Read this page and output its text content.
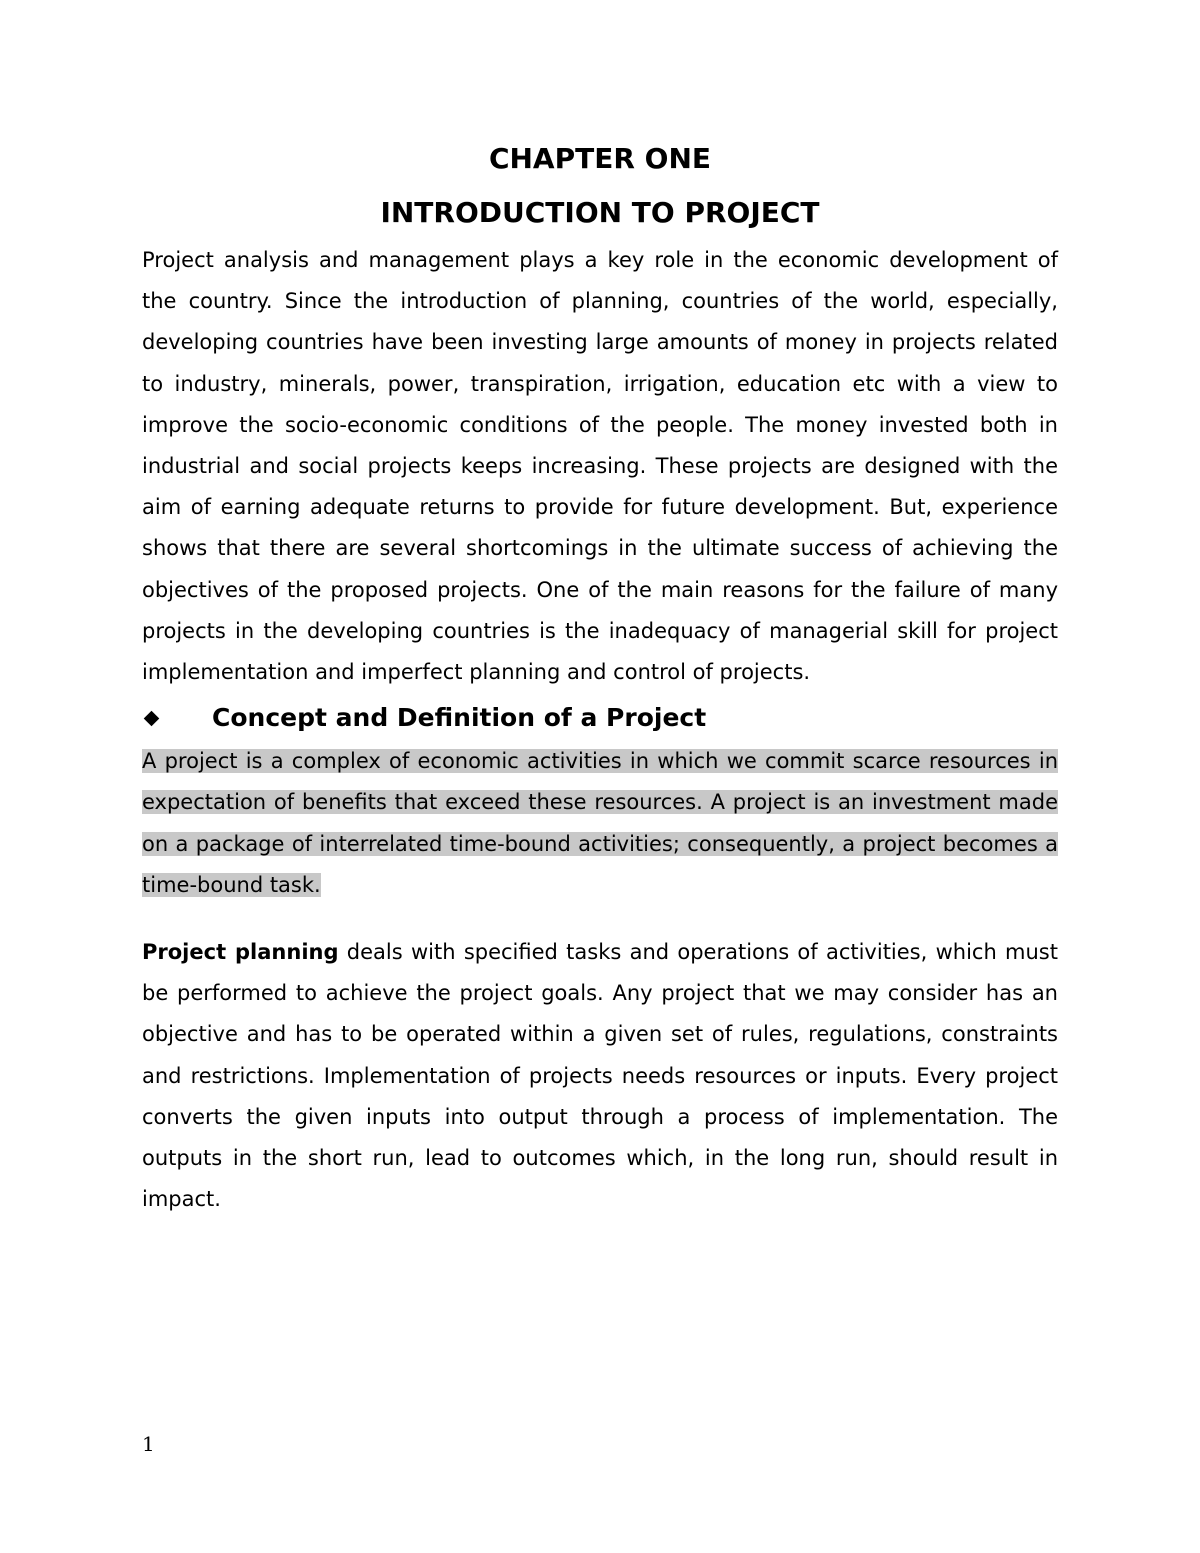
CHAPTER ONE
INTRODUCTION TO PROJECT

Project analysis and management plays a key role in the economic development of the country. Since the introduction of planning, countries of the world, especially, developing countries have been investing large amounts of money in projects related to industry, minerals, power, transpiration, irrigation, education etc with a view to improve the socio-economic conditions of the people. The money invested both in industrial and social projects keeps increasing. These projects are designed with the aim of earning adequate returns to provide for future development. But, experience shows that there are several shortcomings in the ultimate success of achieving the objectives of the proposed projects. One of the main reasons for the failure of many projects in the developing countries is the inadequacy of managerial skill for project implementation and imperfect planning and control of projects.

Concept and Definition of a Project

A project is a complex of economic activities in which we commit scarce resources in expectation of benefits that exceed these resources. A project is an investment made on a package of interrelated time-bound activities; consequently, a project becomes a time-bound task.

Project planning deals with specified tasks and operations of activities, which must be performed to achieve the project goals. Any project that we may consider has an objective and has to be operated within a given set of rules, regulations, constraints and restrictions. Implementation of projects needs resources or inputs. Every project converts the given inputs into output through a process of implementation. The outputs in the short run, lead to outcomes which, in the long run, should result in impact.

1
